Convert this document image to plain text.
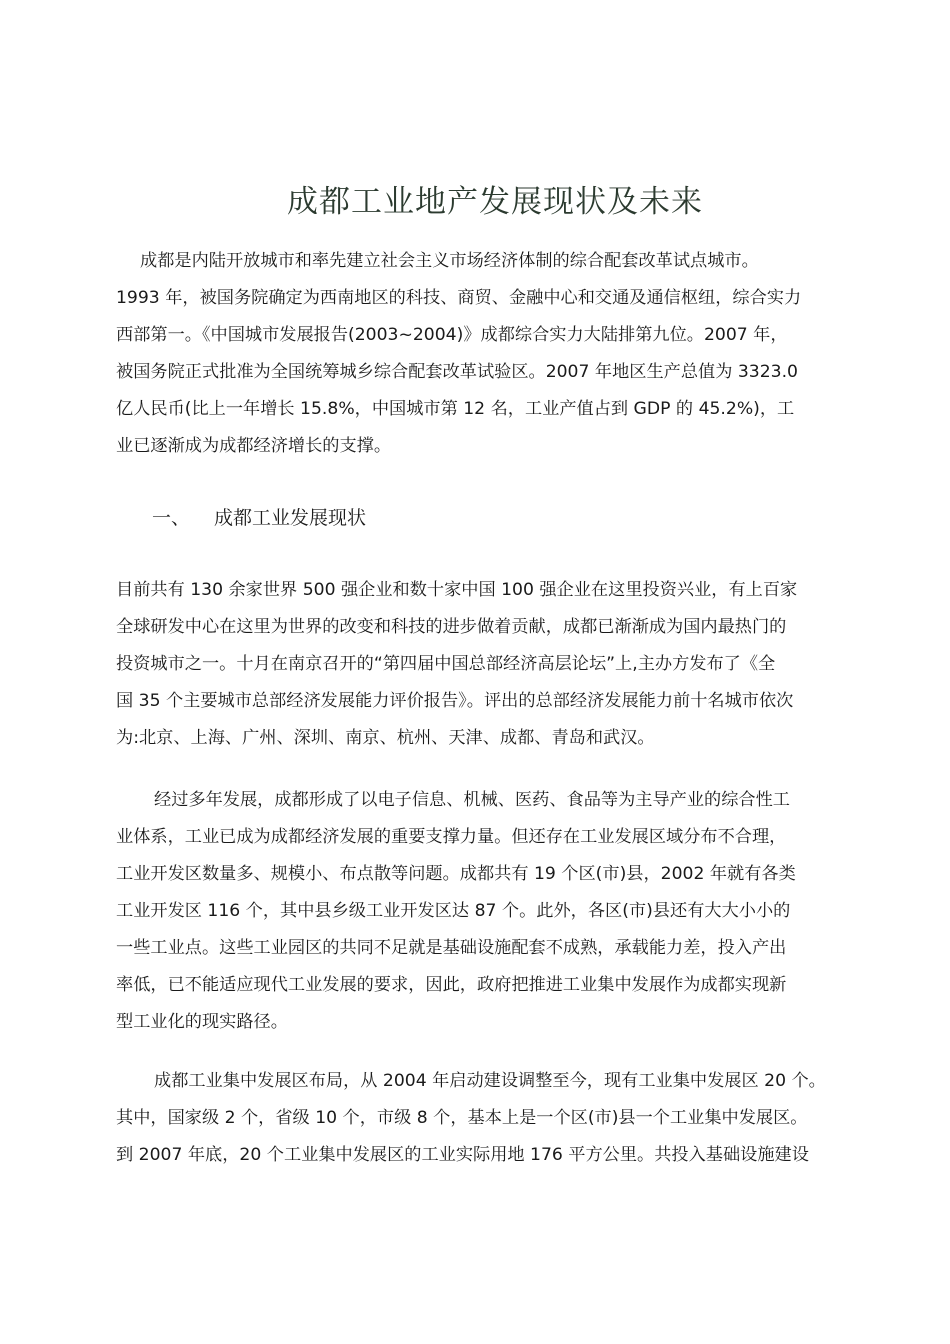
成都工业地产发展现状及未来
成都是内陆开放城市和率先建立社会主义市场经济体制的综合配套改革试点城市。
1993 年，被国务院确定为西南地区的科技、商贸、金融中心和交通及通信枢纽，综合实力
西部第一。《中国城市发展报告(2003~2004)》成都综合实力大陆排第九位。2007 年，
被国务院正式批准为全国统筹城乡综合配套改革试验区。2007 年地区生产总值为 3323.0
亿人民币(比上一年增长 15.8%，中国城市第 12 名，工业产值占到 GDP 的 45.2%)，工
业已逐渐成为成都经济增长的支撑。
一、 成都工业发展现状
目前共有 130 余家世界 500 强企业和数十家中国 100 强企业在这里投资兴业，有上百家
全球研发中心在这里为世界的改变和科技的进步做着贡献，成都已渐渐成为国内最热门的
投资城市之一。十月在南京召开的“第四届中国总部经济高层论坛”上,主办方发布了《全
国 35 个主要城市总部经济发展能力评价报告》。评出的总部经济发展能力前十名城市依次
为:北京、上海、广州、深圳、南京、杭州、天津、成都、青岛和武汉。
经过多年发展，成都形成了以电子信息、机械、医药、食品等为主导产业的综合性工
业体系，工业已成为成都经济发展的重要支撑力量。但还存在工业发展区域分布不合理，
工业开发区数量多、规模小、布点散等问题。成都共有 19 个区(市)县，2002 年就有各类
工业开发区 116 个，其中县乡级工业开发区达 87 个。此外，各区(市)县还有大大小小的
一些工业点。这些工业园区的共同不足就是基础设施配套不成熟，承载能力差，投入产出
率低，已不能适应现代工业发展的要求，因此，政府把推进工业集中发展作为成都实现新
型工业化的现实路径。
成都工业集中发展区布局，从 2004 年启动建设调整至今，现有工业集中发展区 20 个。
其中，国家级 2 个，省级 10 个，市级 8 个，基本上是一个区(市)县一个工业集中发展区。
到 2007 年底，20 个工业集中发展区的工业实际用地 176 平方公里。共投入基础设施建设
